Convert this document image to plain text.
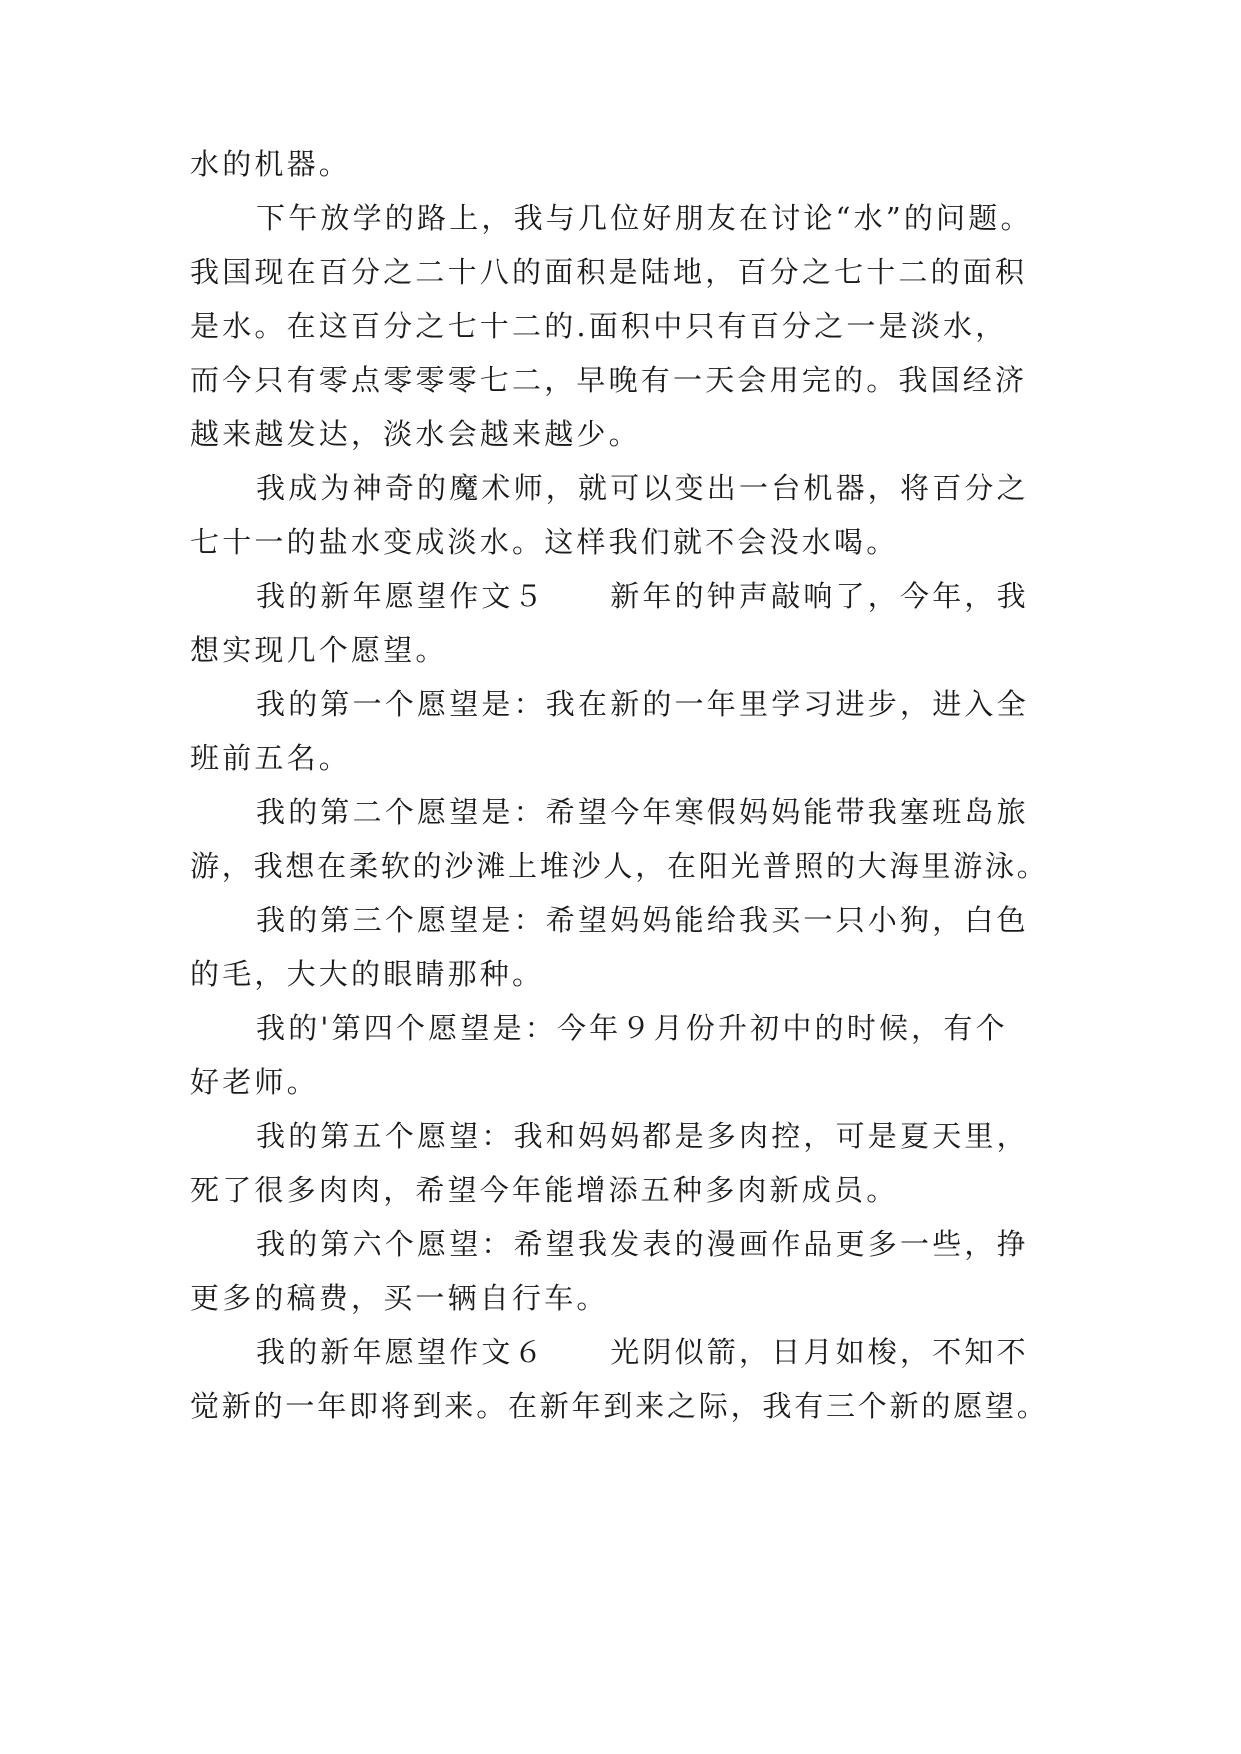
水的机器。
下午放学的路上，我与几位好朋友在讨论“水”的问题。
我国现在百分之二十八的面积是陆地，百分之七十二的面积
是水。在这百分之七十二的.面积中只有百分之一是淡水，
而今只有零点零零零七二，早晚有一天会用完的。我国经济
越来越发达，淡水会越来越少。
我成为神奇的魔术师，就可以变出一台机器，将百分之
七十一的盐水变成淡水。这样我们就不会没水喝。
我的新年愿望作文５　　新年的钟声敲响了，今年，我
想实现几个愿望。
我的第一个愿望是：我在新的一年里学习进步，进入全
班前五名。
我的第二个愿望是：希望今年寒假妈妈能带我塞班岛旅
游，我想在柔软的沙滩上堆沙人，在阳光普照的大海里游泳。
我的第三个愿望是：希望妈妈能给我买一只小狗，白色
的毛，大大的眼睛那种。
我的'第四个愿望是：今年９月份升初中的时候，有个
好老师。
我的第五个愿望：我和妈妈都是多肉控，可是夏天里，
死了很多肉肉，希望今年能增添五种多肉新成员。
我的第六个愿望：希望我发表的漫画作品更多一些，挣
更多的稿费，买一辆自行车。
我的新年愿望作文６　　光阴似箭，日月如梭，不知不
觉新的一年即将到来。在新年到来之际，我有三个新的愿望。
